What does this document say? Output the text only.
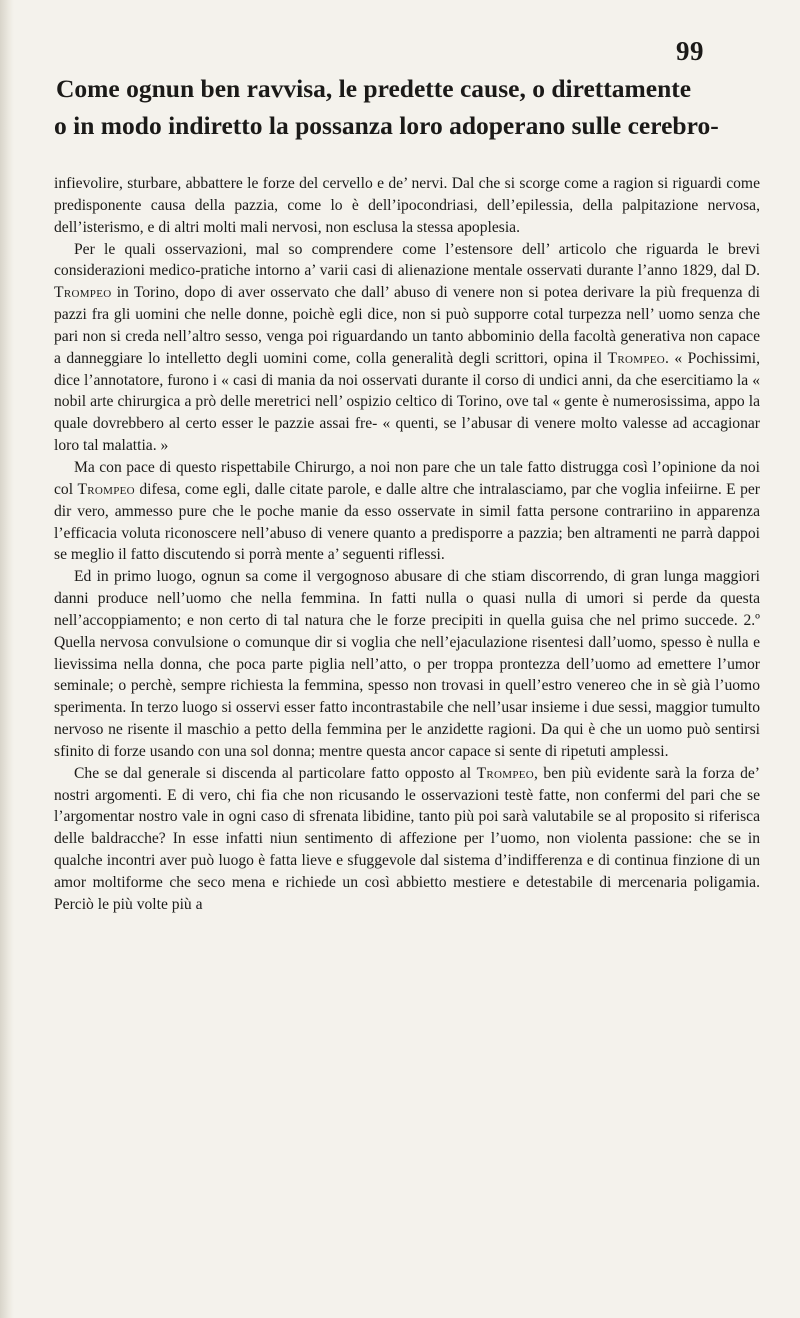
99
Come ognun ben ravvisa, le predette cause, o direttamente
o in modo indiretto la possanza loro adoperano sulle cerebro-

infievolire, sturbare, abbattere le forze del cervello e de’ nervi. Dal che si scorge come a ragion si riguardi come predisponente causa della pazzia, come lo è dell’ipocondriasi, dell’epilessia, della palpitazione nervosa, dell’isterismo, e di altri molti mali nervosi, non esclusa la stessa apoplesia.

Per le quali osservazioni, mal so comprendere come l’estensore dell’ articolo che riguarda le brevi considerazioni medico-pratiche intorno a’ varii casi di alienazione mentale osservati durante l’anno 1829, dal D. Trompeo in Torino, dopo di aver osservato che dall’ abuso di venere non si potea derivare la più frequenza di pazzi fra gli uomini che nelle donne, poichè egli dice, non si può supporre cotal turpezza nell’ uomo senza che pari non si creda nell’altro sesso, venga poi riguardando un tanto abbominio della facoltà generativa non capace a danneggiare lo intelletto degli uomini come, colla generalità degli scrittori, opina il Trompeo. « Pochissimi, dice l’annotatore, furono i « casi di mania da noi osservati durante il corso di undici anni, da che esercitiamo la « nobil arte chirurgica a prò delle meretrici nell’ ospizio celtico di Torino, ove tal « gente è numerosissima, appo la quale dovrebbero al certo esser le pazzie assai fre- « quenti, se l’abusar di venere molto valesse ad accagionar loro tal malattia. »

Ma con pace di questo rispettabile Chirurgo, a noi non pare che un tale fatto distrugga così l’opinione da noi col Trompeo difesa, come egli, dalle citate parole, e dalle altre che intralasciamo, par che voglia infeiirne. E per dir vero, ammesso pure che le poche manie da esso osservate in simil fatta persone contrariino in apparenza l’efficacia voluta riconoscere nell’abuso di venere quanto a predisporre a pazzia; ben altramenti ne parrà dappoi se meglio il fatto discutendo si porrà mente a’ seguenti riflessi.

Ed in primo luogo, ognun sa come il vergognoso abusare di che stiam discorrendo, di gran lunga maggiori danni produce nell’uomo che nella femmina. In fatti nulla o quasi nulla di umori si perde da questa nell’accoppiamento; e non certo di tal natura che le forze precipiti in quella guisa che nel primo succede. 2.º Quella nervosa convulsione o comunque dir si voglia che nell’ejaculazione risentesi dall’uomo, spesso è nulla e lievissima nella donna, che poca parte piglia nell’atto, o per troppa prontezza dell’uomo ad emettere l’umor seminale; o perchè, sempre richiesta la femmina, spesso non trovasi in quell’estro venereo che in sè già l’uomo sperimenta. In terzo luogo si osservi esser fatto incontrastabile che nell’usar insieme i due sessi, maggior tumulto nervoso ne risente il maschio a petto della femmina per le anzidette ragioni. Da qui è che un uomo può sentirsi sfinito di forze usando con una sol donna; mentre questa ancor capace si sente di ripetuti amplessi.

Che se dal generale si discenda al particolare fatto opposto al Trompeo, ben più evidente sarà la forza de’ nostri argomenti. E di vero, chi fia che non ricusando le osservazioni testè fatte, non confermi del pari che se l’argomentar nostro vale in ogni caso di sfrenata libidine, tanto più poi sarà valutabile se al proposito si riferisca delle baldracche? In esse infatti niun sentimento di affezione per l’uomo, non violenta passione: che se in qualche incontri aver può luogo è fatta lieve e sfuggevole dal sistema d’indifferenza e di continua finzione di un amor moltiforme che seco mena e richiede un così abbietto mestiere e detestabile di mercenaria poligamia. Perciò le più volte più a
